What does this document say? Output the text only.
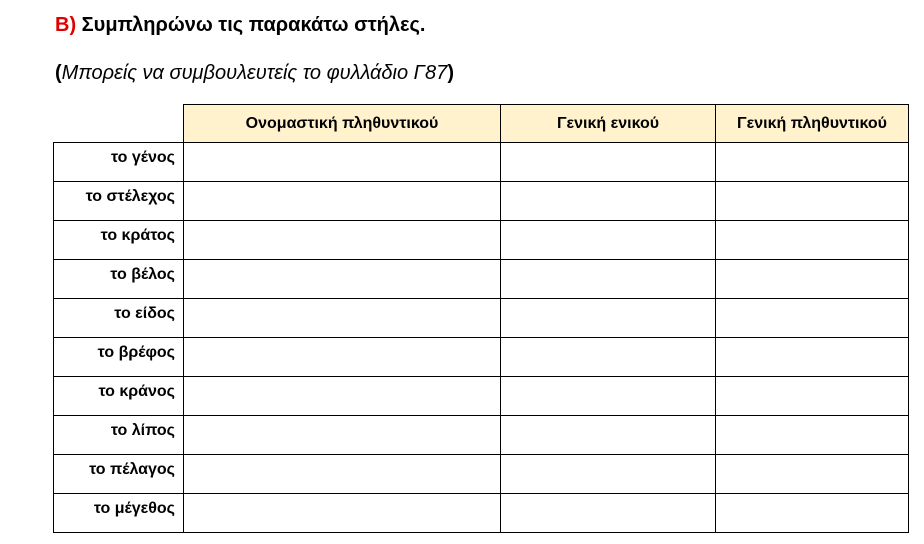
B) Συμπληρώνω τις παρακάτω στήλες.
(Μπορείς να συμβουλευτείς το φυλλάδιο Γ87)
	Ονομαστική πληθυντικού	Γενική ενικού	Γενική πληθυντικού
το γένος			
το στέλεχος			
το κράτος			
το βέλος			
το είδος			
το βρέφος			
το κράνος			
το λίπος			
το πέλαγος			
το μέγεθος			
